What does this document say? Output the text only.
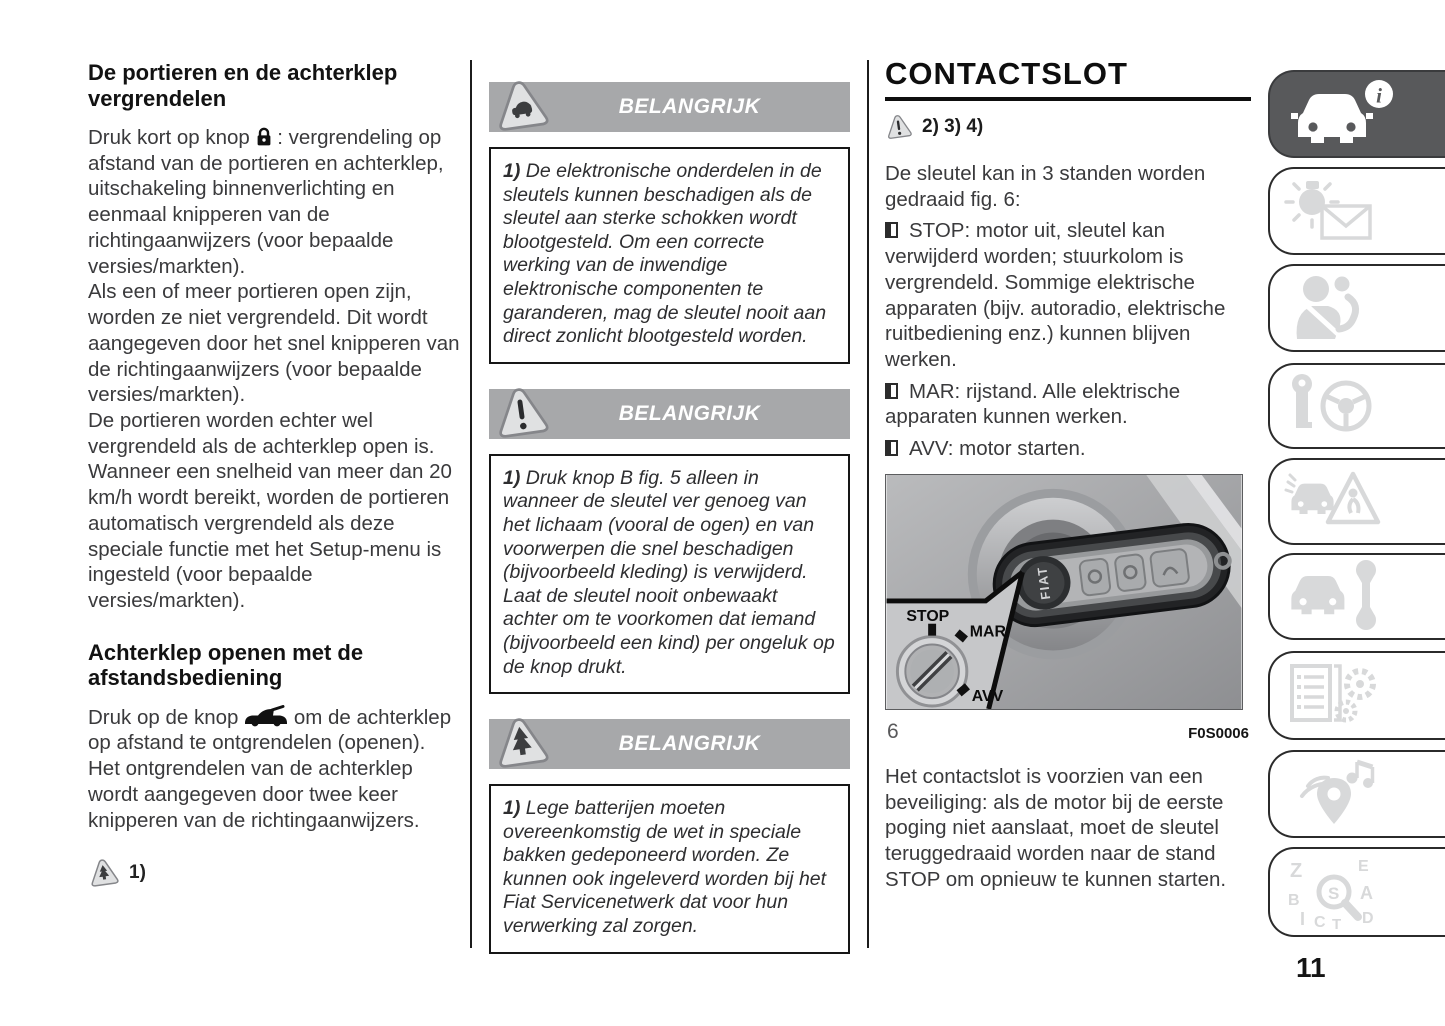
De portieren en de achterklep vergrendelen

Druk kort op knop : vergrendeling op afstand van de portieren en achterklep, uitschakeling binnenverlichting en eenmaal knipperen van de richtingaanwijzers (voor bepaalde versies/markten).

Als een of meer portieren open zijn, worden ze niet vergrendeld. Dit wordt aangegeven door het snel knipperen van de richtingaanwijzers (voor bepaalde versies/markten).

De portieren worden echter wel vergrendeld als de achterklep open is. Wanneer een snelheid van meer dan 20 km/h wordt bereikt, worden de portieren automatisch vergrendeld als deze speciale functie met het Setup-menu is ingesteld (voor bepaalde versies/markten).

Achterklep openen met de afstandsbediening

Druk op de knop	om de achterklep op afstand te ontgrendelen (openen).

Het ontgrendelen van de achterklep wordt aangegeven door twee keer knipperen van de richtingaanwijzers.

1)
BELANGRIJK
1) De elektronische onderdelen in de sleutels kunnen beschadigen als de sleutel aan sterke schokken wordt blootgesteld. Om een correcte werking van de inwendige elektronische componenten te garanderen, mag de sleutel nooit aan direct zonlicht blootgesteld worden.
BELANGRIJK
1) Druk knop B fig. 5 alleen in wanneer de sleutel ver genoeg van het lichaam (vooral de ogen) en van voorwerpen die snel beschadigen (bijvoorbeeld kleding) is verwijderd. Laat de sleutel nooit onbewaakt achter om te voorkomen dat iemand (bijvoorbeeld een kind) per ongeluk op de knop drukt.
BELANGRIJK
1) Lege batterijen moeten overeenkomstig de wet in speciale bakken gedeponeerd worden. Ze kunnen ook ingeleverd worden bij het Fiat Servicenetwerk dat voor hun verwerking zal zorgen.
CONTACTSLOT
2) 3) 4)

De sleutel kan in 3 standen worden gedraaid fig. 6:

STOP: motor uit, sleutel kan verwijderd worden; stuurkolom is vergrendeld. Sommige elektrische apparaten (bijv. autoradio, elektrische ruitbediening enz.) kunnen blijven werken.

MAR: rijstand. Alle elektrische apparaten kunnen werken.

AVV: motor starten.

FIAT
STOP
MAR
AVV
6	F0S0006

Het contactslot is voorzien van een beveiliging: als de motor bij de eerste poging niet aanslaat, moet de sleutel teruggedraaid worden naar de stand STOP om opnieuw te kunnen starten.

i
Z	E
B	A
I C T D
S
11
